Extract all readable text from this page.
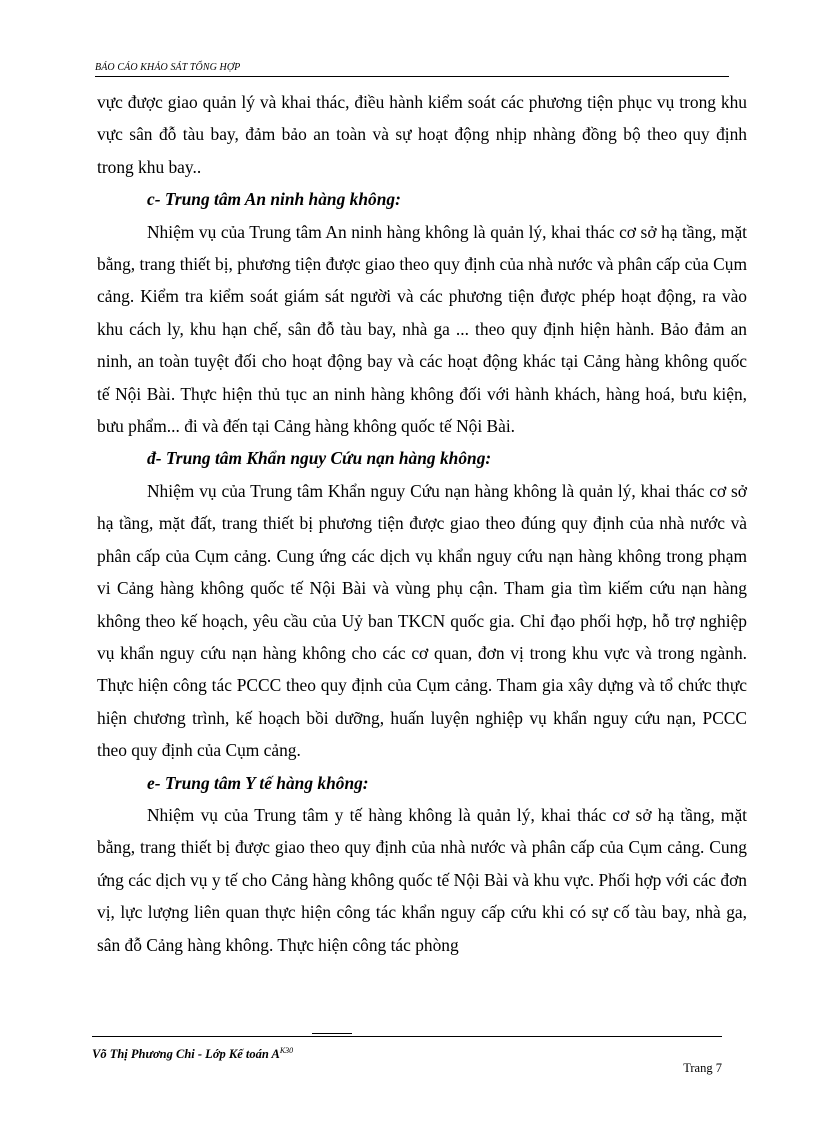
BÁO CÁO KHẢO SÁT TỔNG HỢP

vực được giao quản lý và khai thác, điều hành kiểm soát các phương tiện phục vụ trong khu vực sân đỗ tàu bay, đảm bảo an toàn và sự hoạt động nhịp nhàng đồng bộ theo quy định trong khu bay..

c- Trung tâm An ninh hàng không:

Nhiệm vụ của Trung tâm An ninh hàng không là quản lý, khai thác cơ sở hạ tầng, mặt bằng, trang thiết bị, phương tiện được giao theo quy định của nhà nước và phân cấp của Cụm cảng. Kiểm tra kiểm soát giám sát người và các phương tiện được phép hoạt động, ra vào khu cách ly, khu hạn chế, sân đỗ tàu bay, nhà ga ... theo quy định hiện hành. Bảo đảm an ninh, an toàn tuyệt đối cho hoạt động bay và các hoạt động khác tại Cảng hàng không quốc tế Nội Bài. Thực hiện thủ tục an ninh hàng không đối với hành khách, hàng hoá, bưu kiện, bưu phẩm... đi và đến tại Cảng hàng không quốc tế Nội Bài.

đ- Trung tâm Khẩn nguy Cứu nạn hàng không:

Nhiệm vụ của Trung tâm Khẩn nguy Cứu nạn hàng không là quản lý, khai thác cơ sở hạ tầng, mặt đất, trang thiết bị phương tiện được giao theo đúng quy định của nhà nước và phân cấp của Cụm cảng. Cung ứng các dịch vụ khẩn nguy cứu nạn hàng không trong phạm vi Cảng hàng không quốc tế Nội Bài và vùng phụ cận. Tham gia tìm kiếm cứu nạn hàng không theo kế hoạch, yêu cầu của Uỷ ban TKCN quốc gia. Chỉ đạo phối hợp, hỗ trợ nghiệp vụ khẩn nguy cứu nạn hàng không cho các cơ quan, đơn vị trong khu vực và trong ngành. Thực hiện công tác PCCC theo quy định của Cụm cảng. Tham gia xây dựng và tổ chức thực hiện chương trình, kế hoạch bồi dưỡng, huấn luyện nghiệp vụ khẩn nguy cứu nạn, PCCC theo quy định của Cụm cảng.

e- Trung tâm Y tế hàng không:

Nhiệm vụ của Trung tâm y tế hàng không là quản lý, khai thác cơ sở hạ tầng, mặt bằng, trang thiết bị được giao theo quy định của nhà nước và phân cấp của Cụm cảng. Cung ứng các dịch vụ y tế cho Cảng hàng không quốc tế Nội Bài và khu vực. Phối hợp với các đơn vị, lực lượng liên quan thực hiện công tác khẩn nguy cấp cứu khi có sự cố tàu bay, nhà ga, sân đỗ Cảng hàng không. Thực hiện công tác phòng

Võ Thị Phương Chi - Lớp Kế toán $A^{K30}$
Trang 7
